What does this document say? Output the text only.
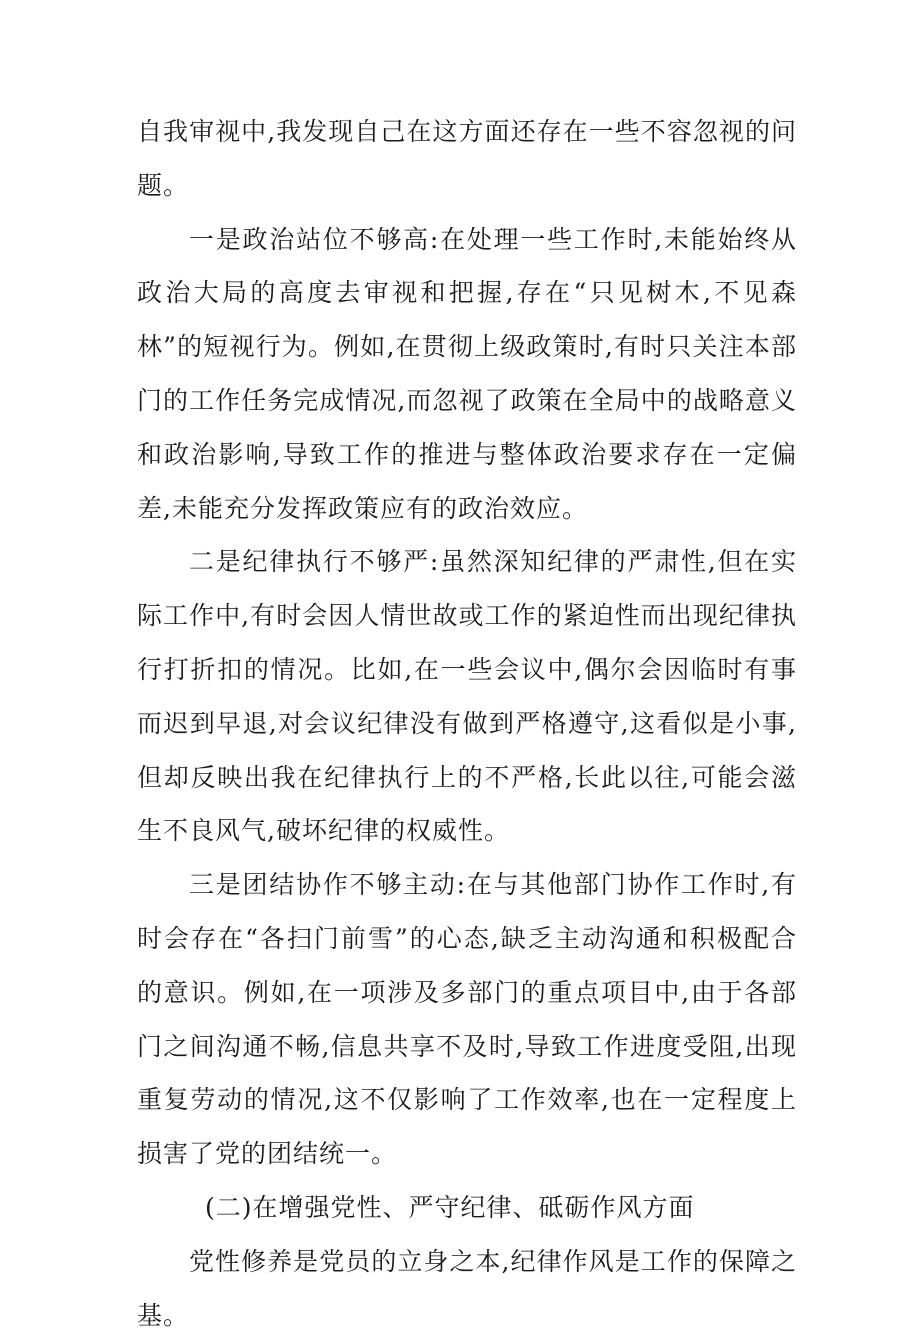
自我审视中,我发现自己在这方面还存在一些不容忽视的问题。

一是政治站位不够高:在处理一些工作时,未能始终从政治大局的高度去审视和把握,存在“只见树木,不见森林”的短视行为。例如,在贯彻上级政策时,有时只关注本部门的工作任务完成情况,而忽视了政策在全局中的战略意义和政治影响,导致工作的推进与整体政治要求存在一定偏差,未能充分发挥政策应有的政治效应。

二是纪律执行不够严:虽然深知纪律的严肃性,但在实际工作中,有时会因人情世故或工作的紧迫性而出现纪律执行打折扣的情况。比如,在一些会议中,偶尔会因临时有事而迟到早退,对会议纪律没有做到严格遵守,这看似是小事,但却反映出我在纪律执行上的不严格,长此以往,可能会滋生不良风气,破坏纪律的权威性。

三是团结协作不够主动:在与其他部门协作工作时,有时会存在“各扫门前雪”的心态,缺乏主动沟通和积极配合的意识。例如,在一项涉及多部门的重点项目中,由于各部门之间沟通不畅,信息共享不及时,导致工作进度受阻,出现重复劳动的情况,这不仅影响了工作效率,也在一定程度上损害了党的团结统一。

(二)在增强党性、严守纪律、砥砺作风方面

党性修养是党员的立身之本,纪律作风是工作的保障之基。
